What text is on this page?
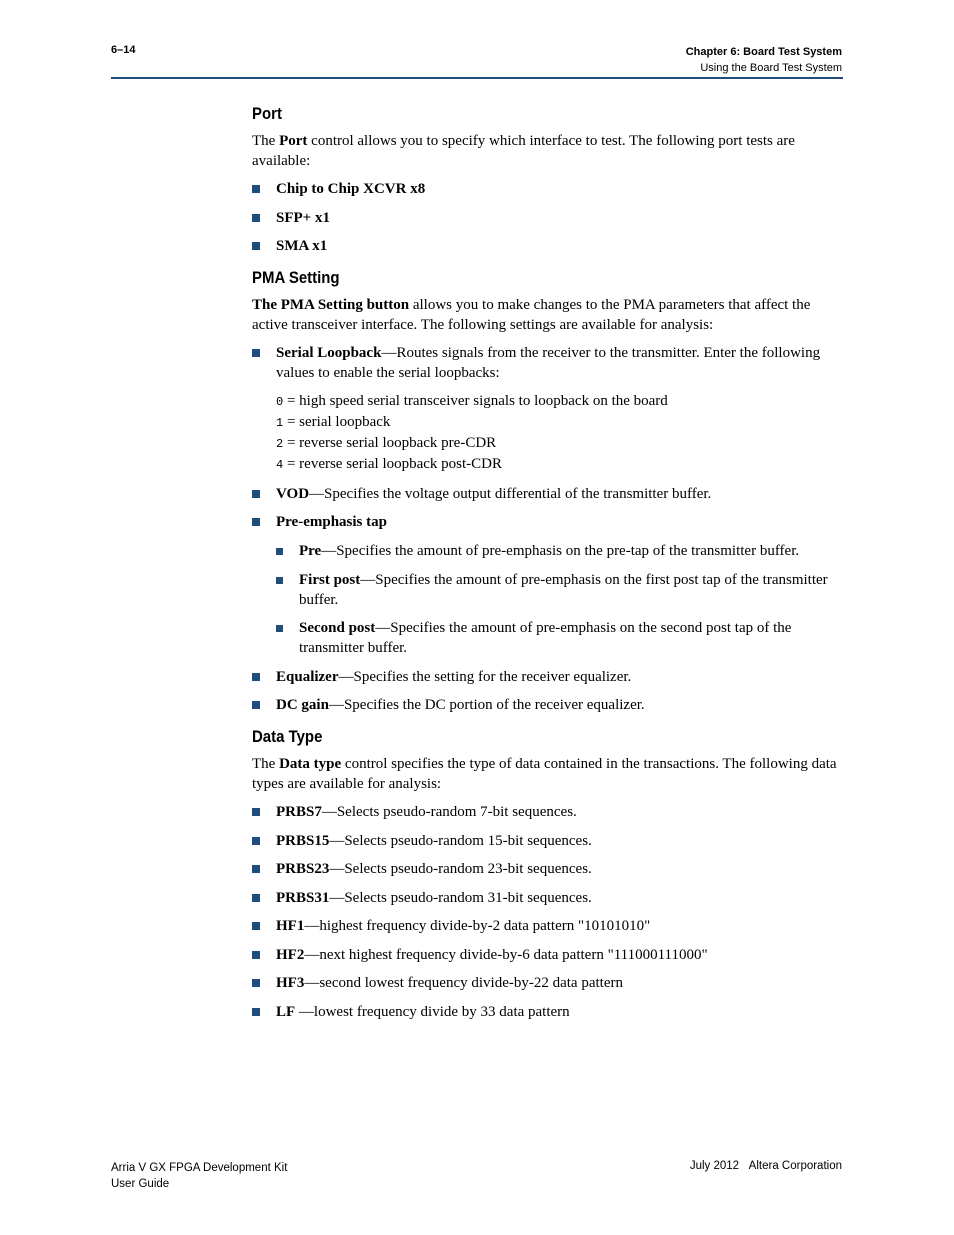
6–14	Chapter 6: Board Test System
Using the Board Test System
Port

The Port control allows you to specify which interface to test. The following port tests are available:

Chip to Chip XCVR x8
SFP+ x1
SMA x1
PMA Setting

The PMA Setting button allows you to make changes to the PMA parameters that affect the active transceiver interface. The following settings are available for analysis:

Serial Loopback—Routes signals from the receiver to the transmitter. Enter the following values to enable the serial loopbacks:
0 = high speed serial transceiver signals to loopback on the board
1 = serial loopback
2 = reverse serial loopback pre-CDR
4 = reverse serial loopback post-CDR
VOD—Specifies the voltage output differential of the transmitter buffer.
Pre-emphasis tap
Pre—Specifies the amount of pre-emphasis on the pre-tap of the transmitter buffer.
First post—Specifies the amount of pre-emphasis on the first post tap of the transmitter buffer.
Second post—Specifies the amount of pre-emphasis on the second post tap of the transmitter buffer.
Equalizer—Specifies the setting for the receiver equalizer.
DC gain—Specifies the DC portion of the receiver equalizer.
Data Type

The Data type control specifies the type of data contained in the transactions. The following data types are available for analysis:

PRBS7—Selects pseudo-random 7-bit sequences.
PRBS15—Selects pseudo-random 15-bit sequences.
PRBS23—Selects pseudo-random 23-bit sequences.
PRBS31—Selects pseudo-random 31-bit sequences.
HF1—highest frequency divide-by-2 data pattern "10101010"
HF2—next highest frequency divide-by-6 data pattern "111000111000"
HF3—second lowest frequency divide-by-22 data pattern
LF —lowest frequency divide by 33 data pattern
Arria V GX FPGA Development Kit
User Guide
July 2012 Altera Corporation
